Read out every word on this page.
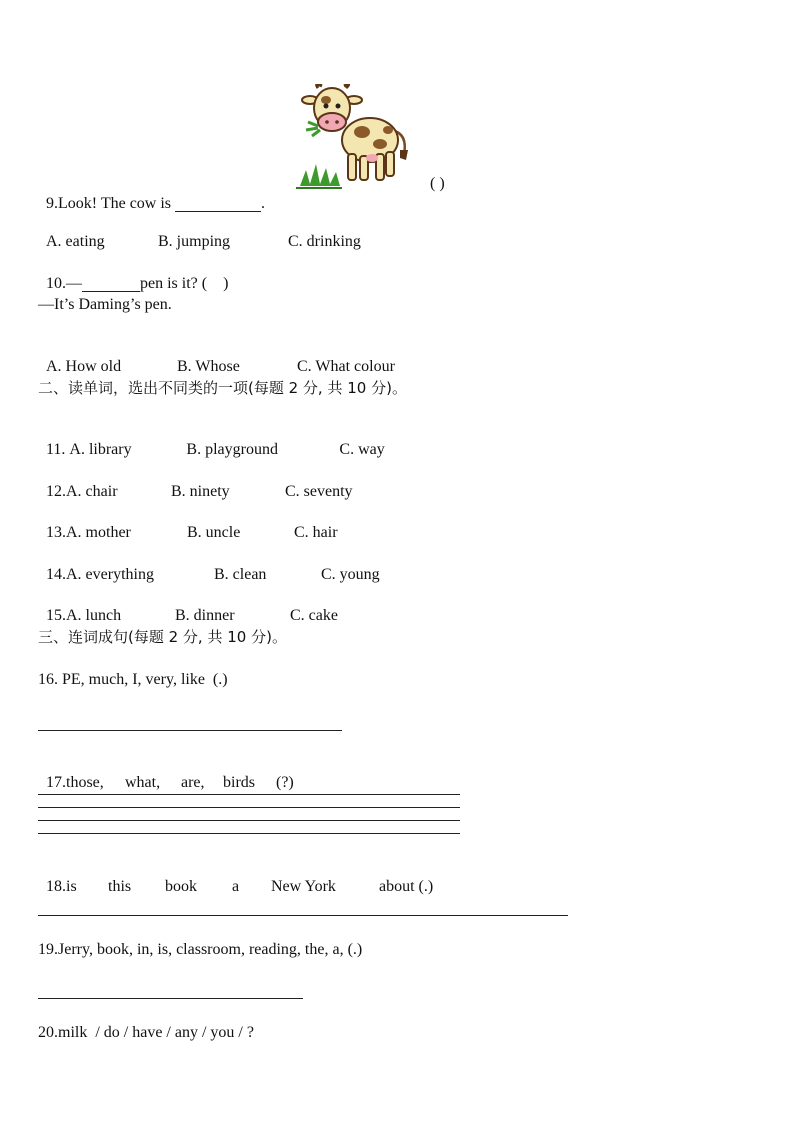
9.Look! The cow is	.

( )

A. eating	B. jumping	C. drinking

10.—	pen is it? (    )

—It’s Daming’s pen.

A. How old	B. Whose	C. What colour

二、读单词，选出不同类的一项(每题 2 分, 共 10 分)。

11. A. library	B. playground	C. way

12.A. chair	B. ninety	C. seventy

13.A. mother	B. uncle	C. hair

14.A. everything	B. clean	C. young

15.A. lunch	B. dinner	C. cake

三、连词成句(每题 2 分, 共 10 分)。
16. PE, much, I, very, like  (.)

17.those, what, are, birds (?)

18.is this book a New York	about (.)

19.Jerry, book, in, is, classroom, reading, the, a, (.)
20.milk  / do / have / any / you / ?
